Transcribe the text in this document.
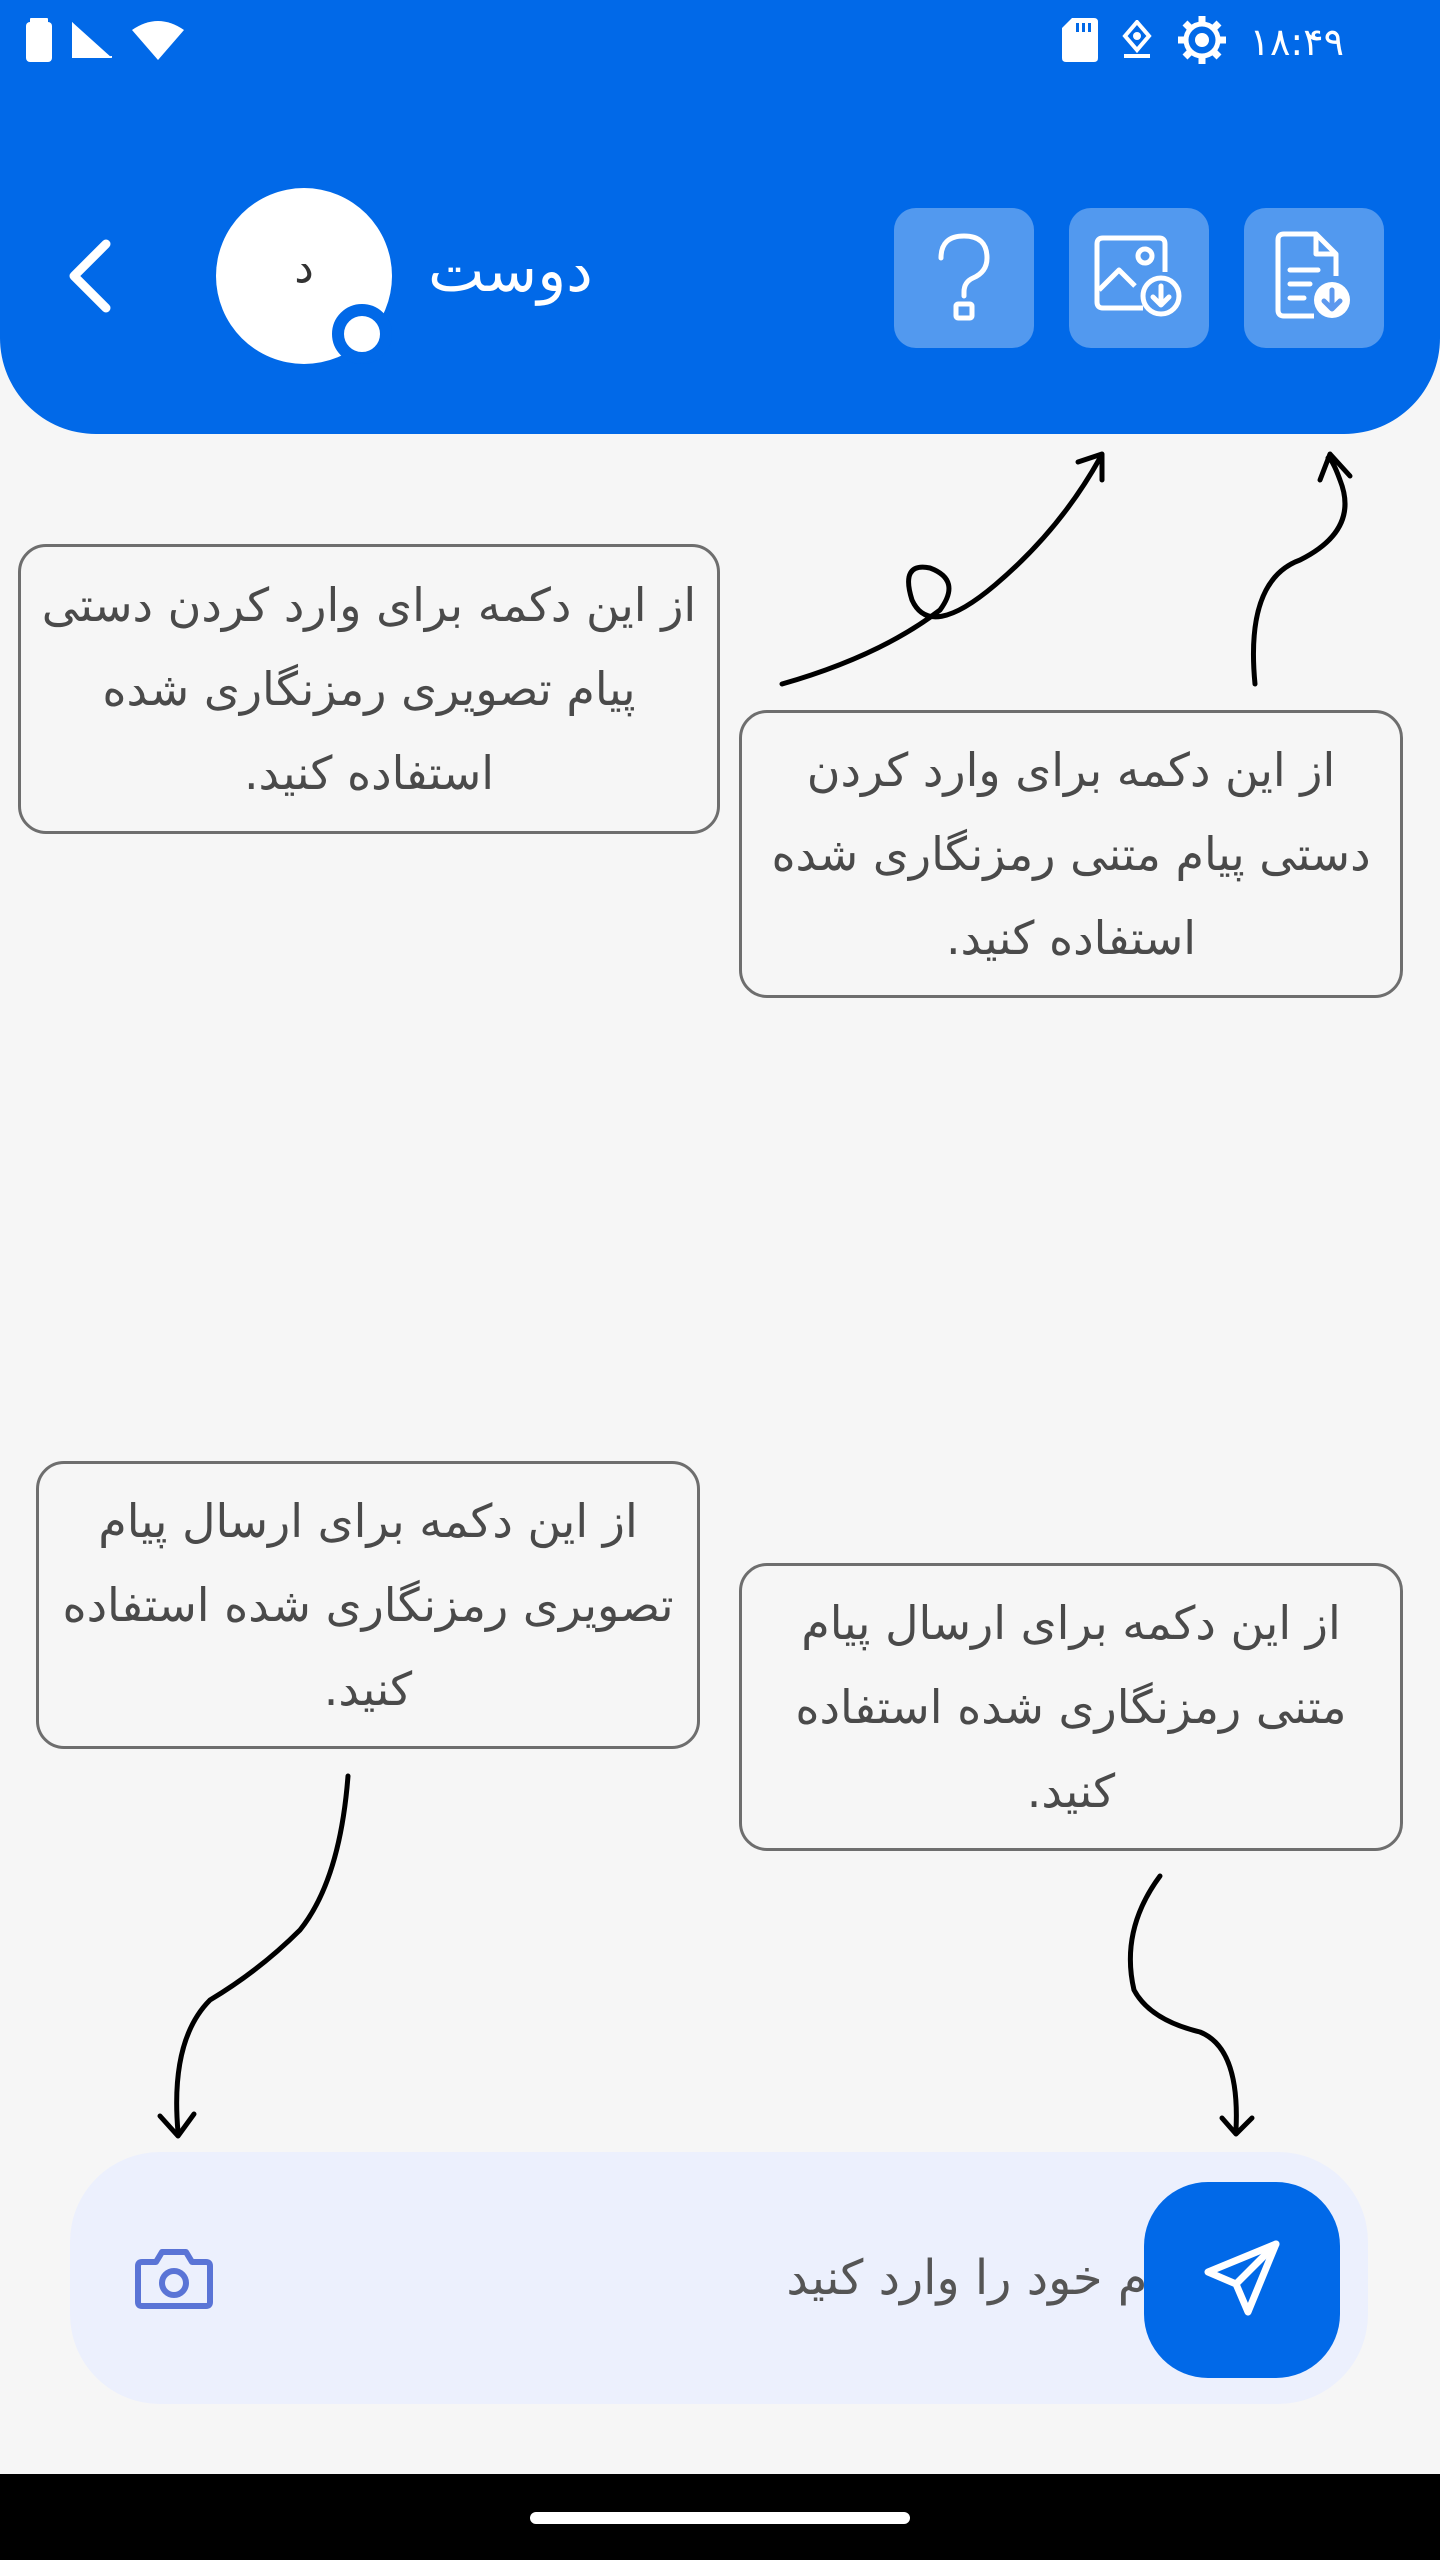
۱۸:۴۹
د دوست
از این دکمه برای وارد کردن دستی پیام تصویری رمزنگاری شده استفاده کنید.	از این دکمه برای وارد کردن دستی پیام متنی رمزنگاری شده استفاده کنید.
از این دکمه برای ارسال پیام تصویری رمزنگاری شده استفاده کنید.
از این دکمه برای ارسال پیام متنی رمزنگاری شده استفاده کنید.
پیام خود را وارد کنید
